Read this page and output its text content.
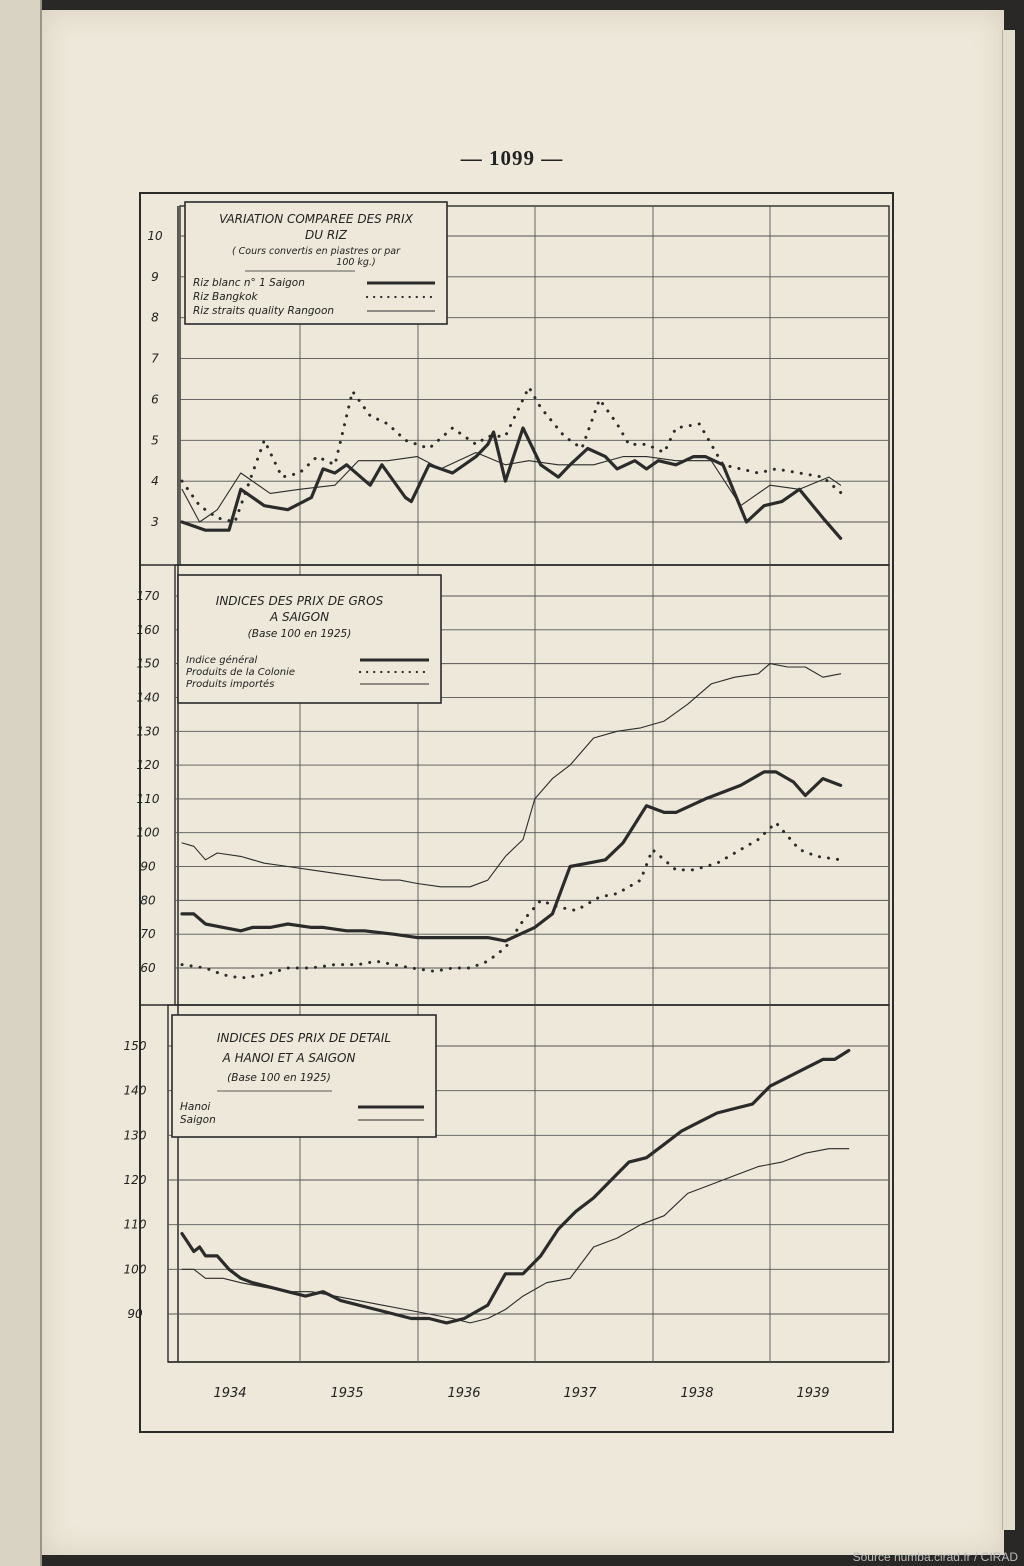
— 1099 —
3
4
5
6
7
8
9
10
VARIATION COMPAREE DES PRIX
DU RIZ
( Cours convertis en piastres or par
100 kg.)
Riz blanc n° 1 Saigon
Riz Bangkok
Riz straits quality Rangoon
60
70
80
90
100
110
120
130
140
150
160
170	INDICES DES PRIX DE GROS
A SAIGON
(Base 100 en 1925)
Indice général
Produits de la Colonie
Produits importés
90
100
110
120
130
140
150
INDICES DES PRIX DE DETAIL
A HANOI ET A SAIGON
(Base 100 en 1925)
Hanoi
Saigon
1934	1935	1936	1937	1938	1939
Source numba.cirad.fr / CIRAD
